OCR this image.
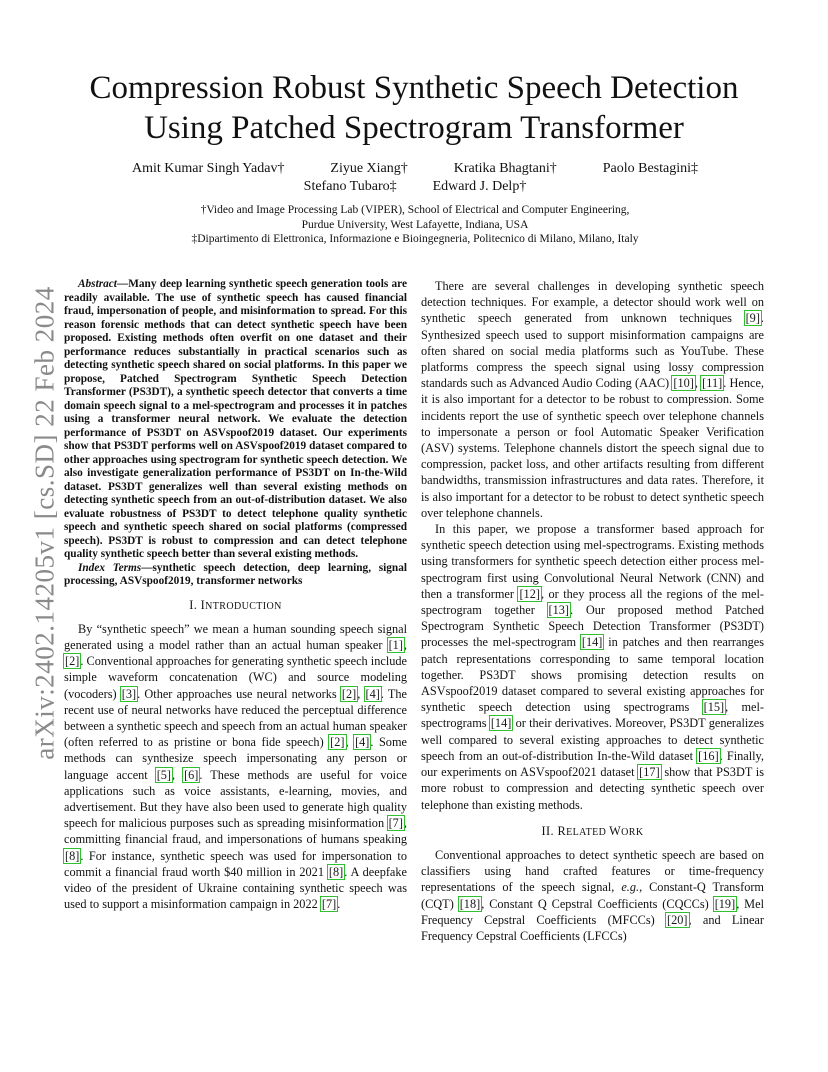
arXiv:2402.14205v1 [cs.SD] 22 Feb 2024
Compression Robust Synthetic Speech Detection Using Patched Spectrogram Transformer
Amit Kumar Singh Yadav†	Ziyue Xiang†	Kratika Bhagtani†	Paolo Bestagini‡
Stefano Tubaro‡	Edward J. Delp†
†Video and Image Processing Lab (VIPER), School of Electrical and Computer Engineering,
Purdue University, West Lafayette, Indiana, USA
‡Dipartimento di Elettronica, Informazione e Bioingegneria, Politecnico di Milano, Milano, Italy

Abstract—Many deep learning synthetic speech generation tools are readily available. The use of synthetic speech has caused financial fraud, impersonation of people, and misinformation to spread. For this reason forensic methods that can detect synthetic speech have been proposed. Existing methods often overfit on one dataset and their performance reduces substantially in practical scenarios such as detecting synthetic speech shared on social platforms. In this paper we propose, Patched Spectrogram Synthetic Speech Detection Transformer (PS3DT), a synthetic speech detector that converts a time domain speech signal to a mel-spectrogram and processes it in patches using a transformer neural network. We evaluate the detection performance of PS3DT on ASVspoof2019 dataset. Our experiments show that PS3DT performs well on ASVspoof2019 dataset compared to other approaches using spectrogram for synthetic speech detection. We also investigate generalization performance of PS3DT on In-the-Wild dataset. PS3DT generalizes well than several existing methods on detecting synthetic speech from an out-of-distribution dataset. We also evaluate robustness of PS3DT to detect telephone quality synthetic speech and synthetic speech shared on social platforms (compressed speech). PS3DT is robust to compression and can detect telephone quality synthetic speech better than several existing methods.

Index Terms—synthetic speech detection, deep learning, signal processing, ASVspoof2019, transformer networks

I. INTRODUCTION

By “synthetic speech” we mean a human sounding speech signal generated using a model rather than an actual human speaker [1], [2]. Conventional approaches for generating synthetic speech include simple waveform concatenation (WC) and source modeling (vocoders) [3]. Other approaches use neural networks [2], [4]. The recent use of neural networks have reduced the perceptual difference between a synthetic speech and speech from an actual human speaker (often referred to as pristine or bona fide speech) [2], [4]. Some methods can synthesize speech impersonating any person or language accent [5], [6]. These methods are useful for voice applications such as voice assistants, e-learning, movies, and advertisement. But they have also been used to generate high quality speech for malicious purposes such as spreading misinformation [7], committing financial fraud, and impersonations of humans speaking [8]. For instance, synthetic speech was used for impersonation to commit a financial fraud worth $40 million in 2021 [8]. A deepfake video of the president of Ukraine containing synthetic speech was used to support a misinformation campaign in 2022 [7].

There are several challenges in developing synthetic speech detection techniques. For example, a detector should work well on synthetic speech generated from unknown techniques [9]. Synthesized speech used to support misinformation campaigns are often shared on social media platforms such as YouTube. These platforms compress the speech signal using lossy compression standards such as Advanced Audio Coding (AAC) [10], [11]. Hence, it is also important for a detector to be robust to compression. Some incidents report the use of synthetic speech over telephone channels to impersonate a person or fool Automatic Speaker Verification (ASV) systems. Telephone channels distort the speech signal due to compression, packet loss, and other artifacts resulting from different bandwidths, transmission infrastructures and data rates. Therefore, it is also important for a detector to be robust to detect synthetic speech over telephone channels.

In this paper, we propose a transformer based approach for synthetic speech detection using mel-spectrograms. Existing methods using transformers for synthetic speech detection either process mel-spectrogram first using Convolutional Neural Network (CNN) and then a transformer [12], or they process all the regions of the mel-spectrogram together [13]. Our proposed method Patched Spectrogram Synthetic Speech Detection Transformer (PS3DT) processes the mel-spectrogram [14] in patches and then rearranges patch representations corresponding to same temporal location together. PS3DT shows promising detection results on ASVspoof2019 dataset compared to several existing approaches for synthetic speech detection using spectrograms [15], mel-spectrograms [14] or their derivatives. Moreover, PS3DT generalizes well compared to several existing approaches to detect synthetic speech from an out-of-distribution In-the-Wild dataset [16]. Finally, our experiments on ASVspoof2021 dataset [17] show that PS3DT is more robust to compression and detecting synthetic speech over telephone than existing methods.

II. RELATED WORK

Conventional approaches to detect synthetic speech are based on classifiers using hand crafted features or time-frequency representations of the speech signal, e.g., Constant-Q Transform (CQT) [18], Constant Q Cepstral Coefficients (CQCCs) [19], Mel Frequency Cepstral Coefficients (MFCCs) [20], and Linear Frequency Cepstral Coefficients (LFCCs)
